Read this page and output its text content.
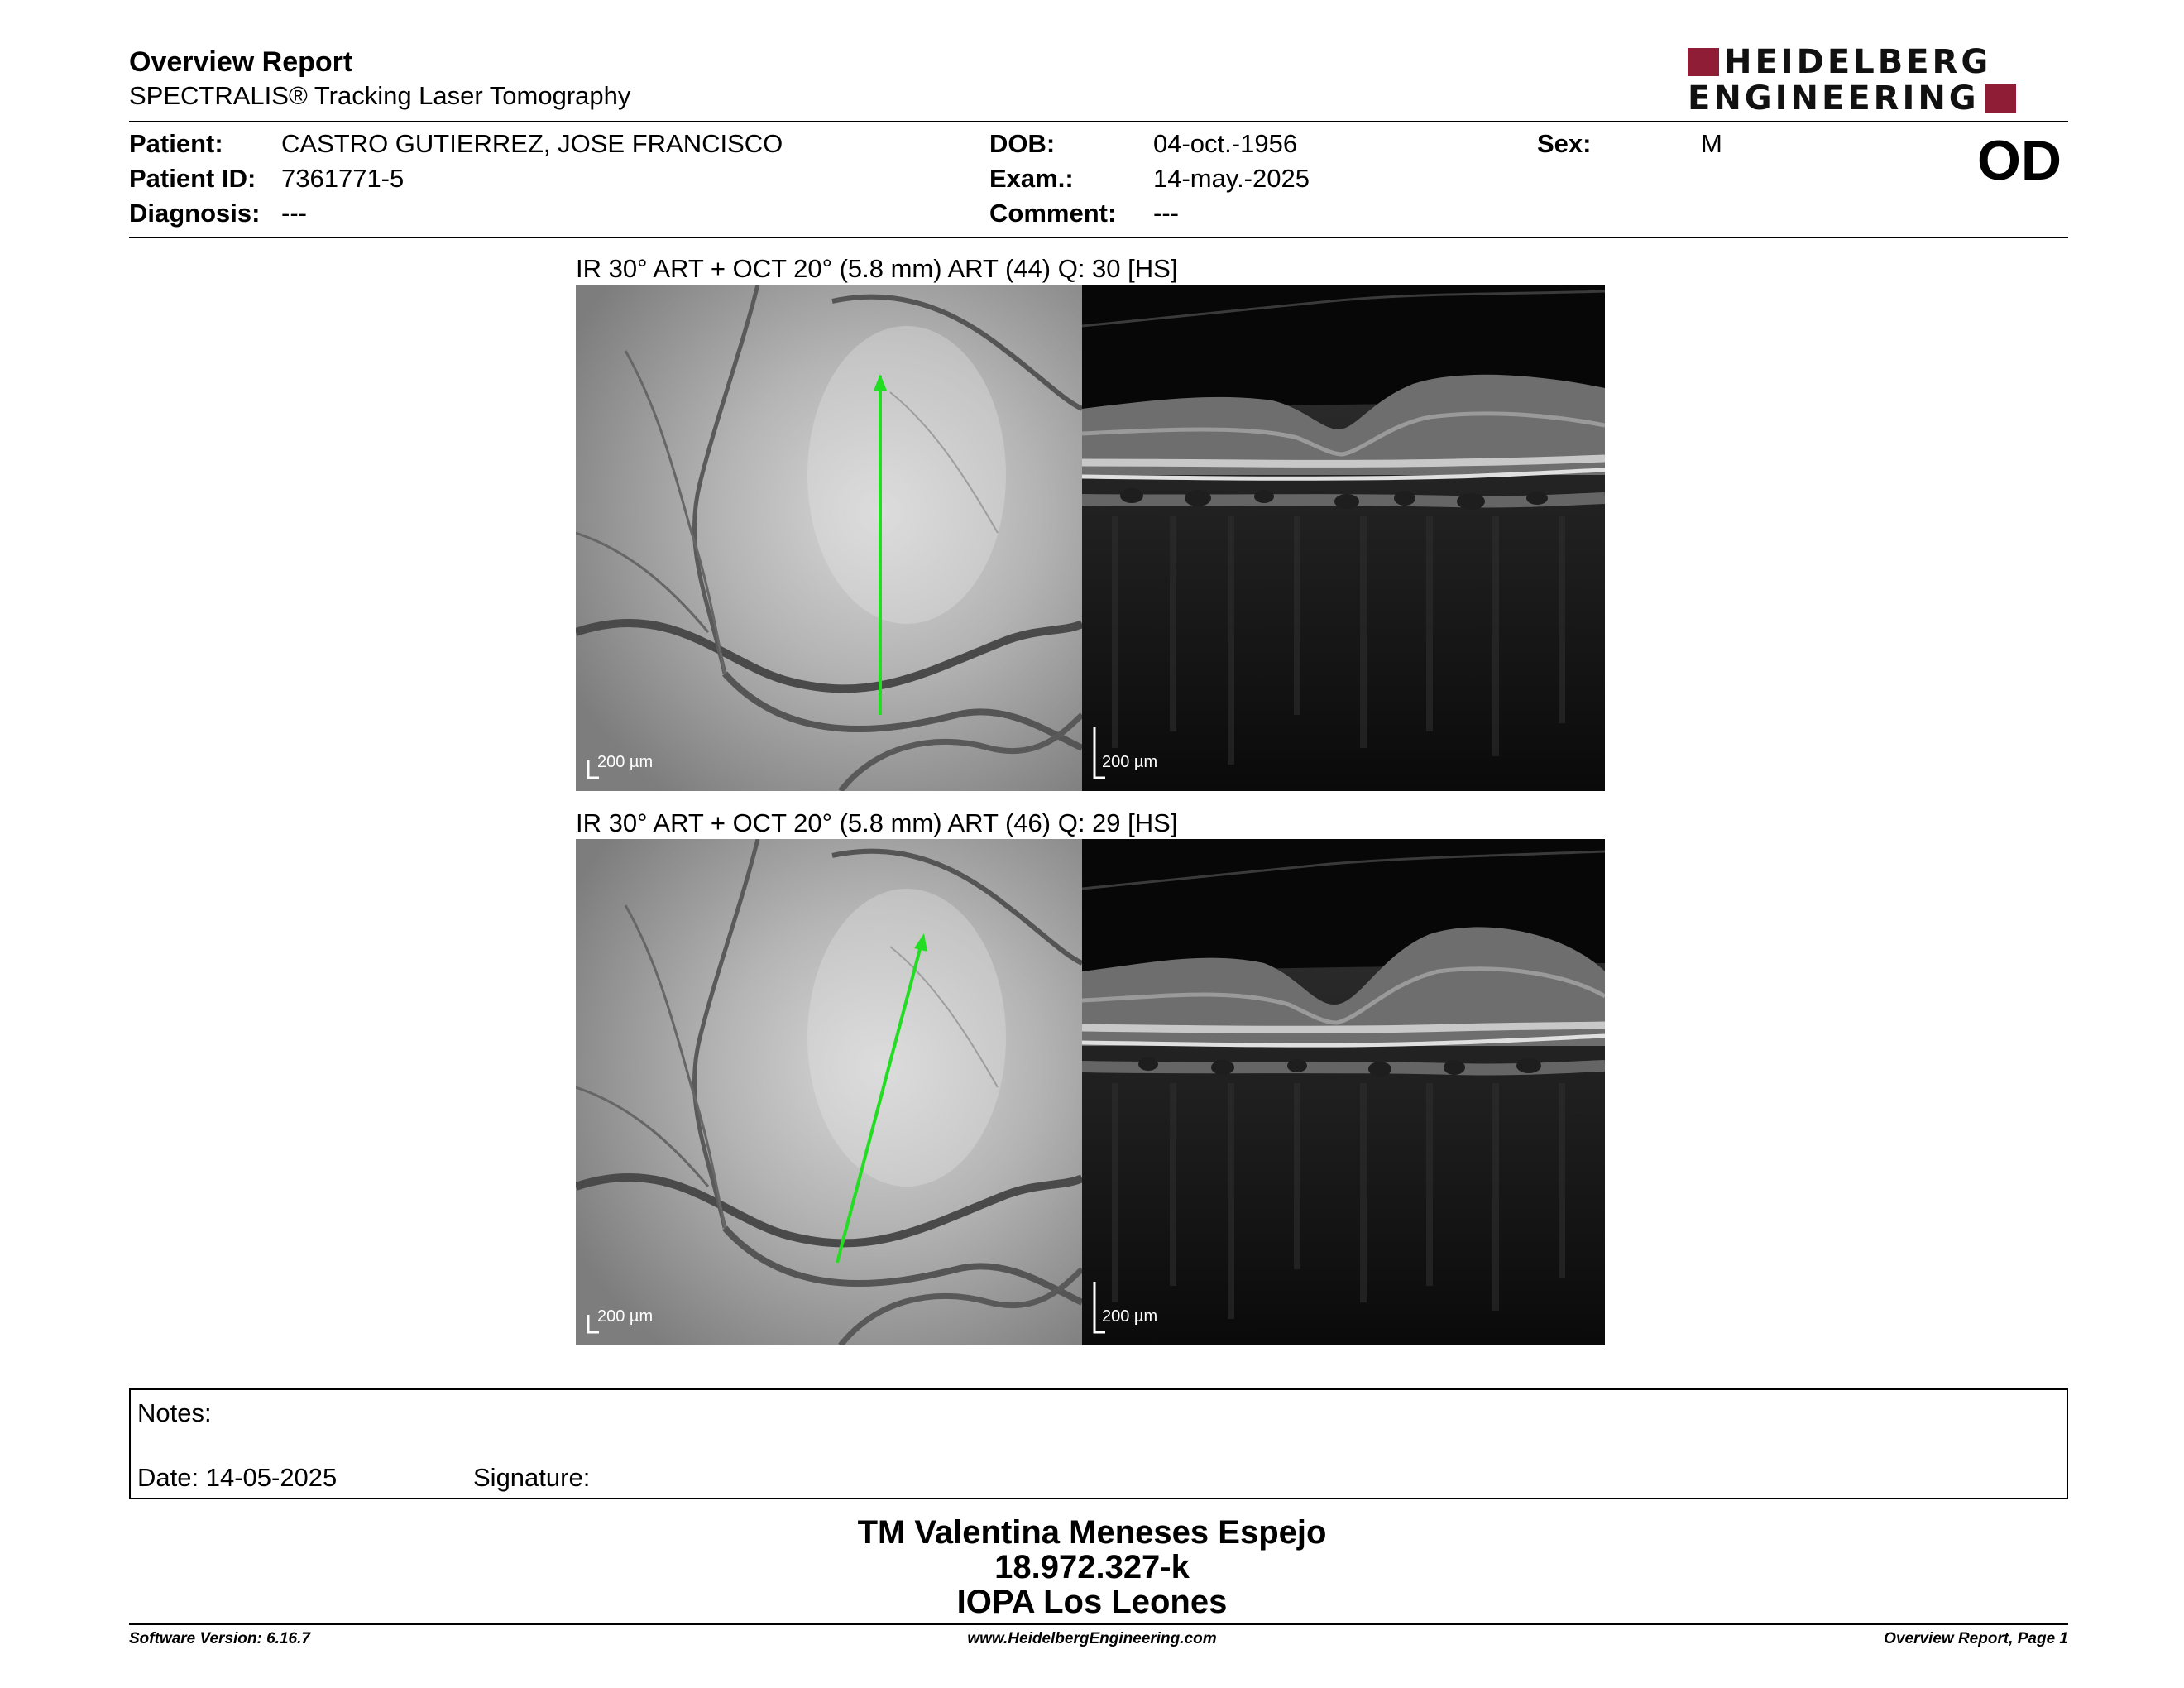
Overview Report
SPECTRALIS® Tracking Laser Tomography
HEIDELBERG
ENGINEERING
Patient: CASTRO GUTIERREZ, JOSE FRANCISCO
Patient ID: 7361771-5
Diagnosis: ---
DOB:	04-oct.-1956
Exam.:	14-may.-2025
Comment: ---
Sex:	M	OD
IR 30° ART + OCT 20° (5.8 mm) ART (44) Q: 30 [HS]
200 µm	200 µm
IR 30° ART + OCT 20° (5.8 mm) ART (46) Q: 29 [HS]
200 µm	200 µm
Notes:
Date: 14-05-2025	Signature:
TM Valentina Meneses Espejo
18.972.327-k
IOPA Los Leones
Software Version: 6.16.7	www.HeidelbergEngineering.com	Overview Report, Page 1
